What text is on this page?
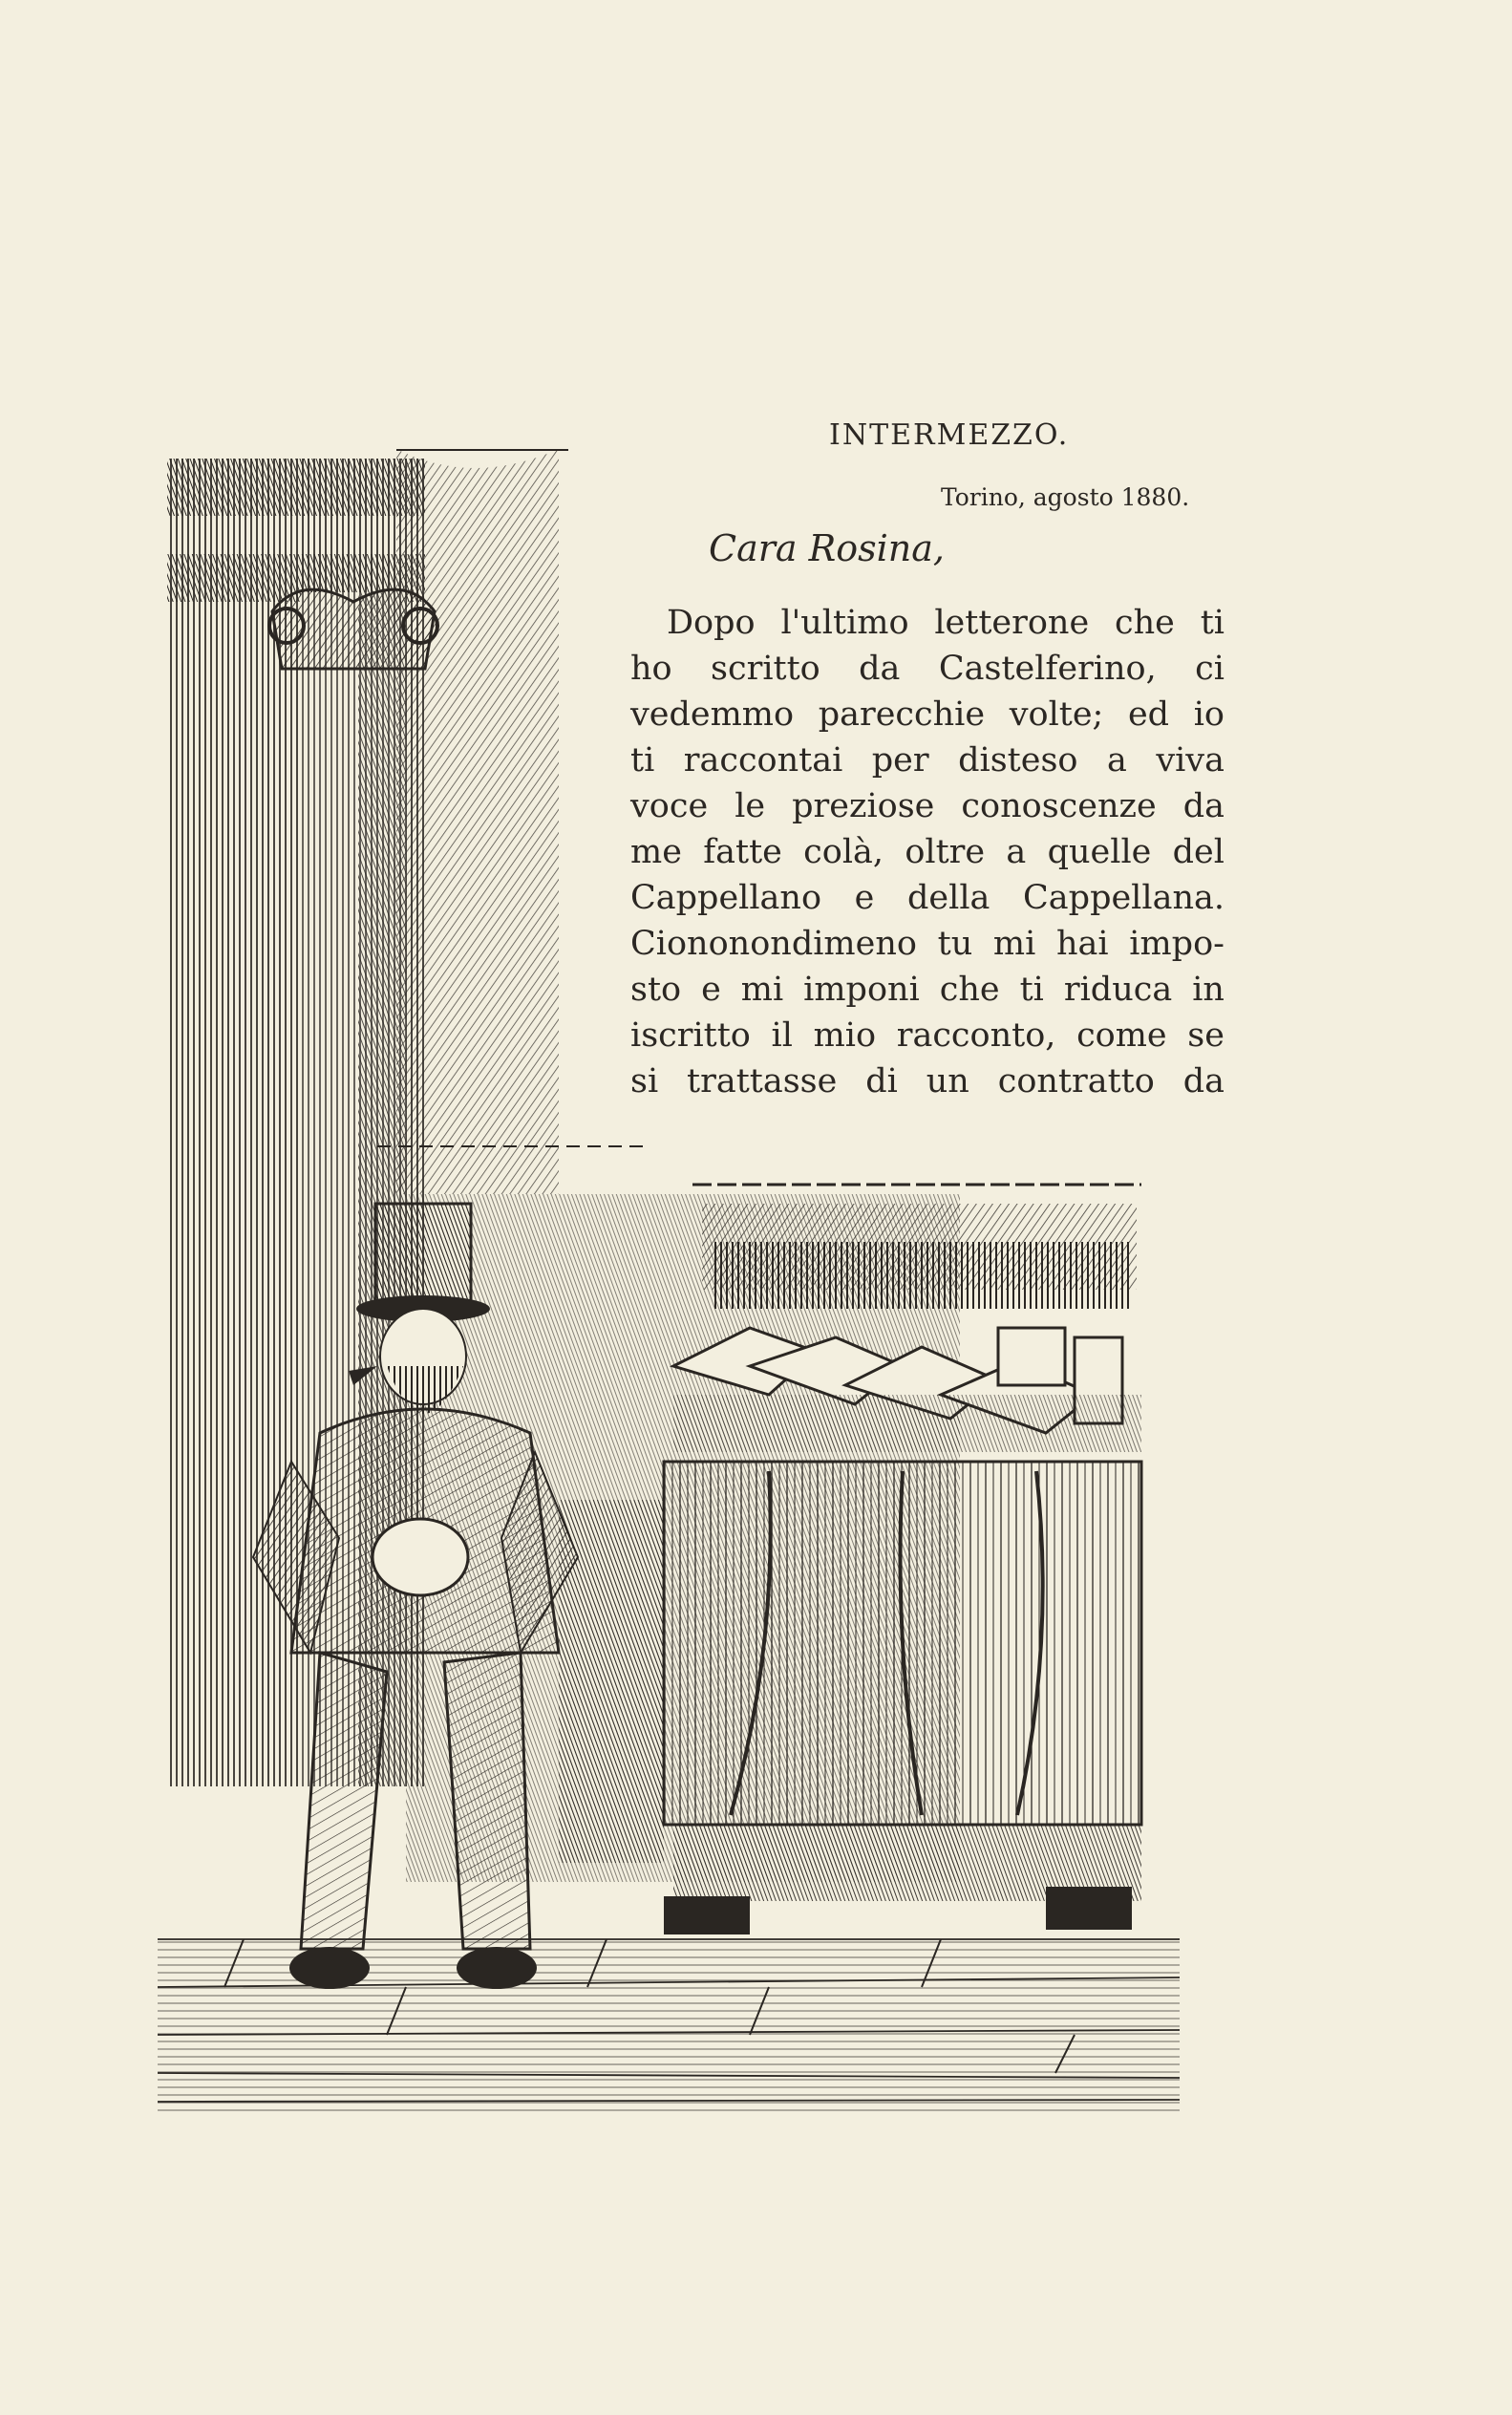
INTERMEZZO.
Torino, agosto 1880.
Cara Rosina,
Dopo l'ultimo letterone che ti
ho scritto da Castelferino, ci
vedemmo parecchie volte; ed io
ti raccontai per disteso a viva
voce le preziose conoscenze da
me fatte colà, oltre a quelle del
Cappellano e della Cappellana.
Ciononondimeno tu mi hai impo-
sto e mi imponi che ti riduca in
iscritto il mio racconto, come se
si trattasse di un contratto da
